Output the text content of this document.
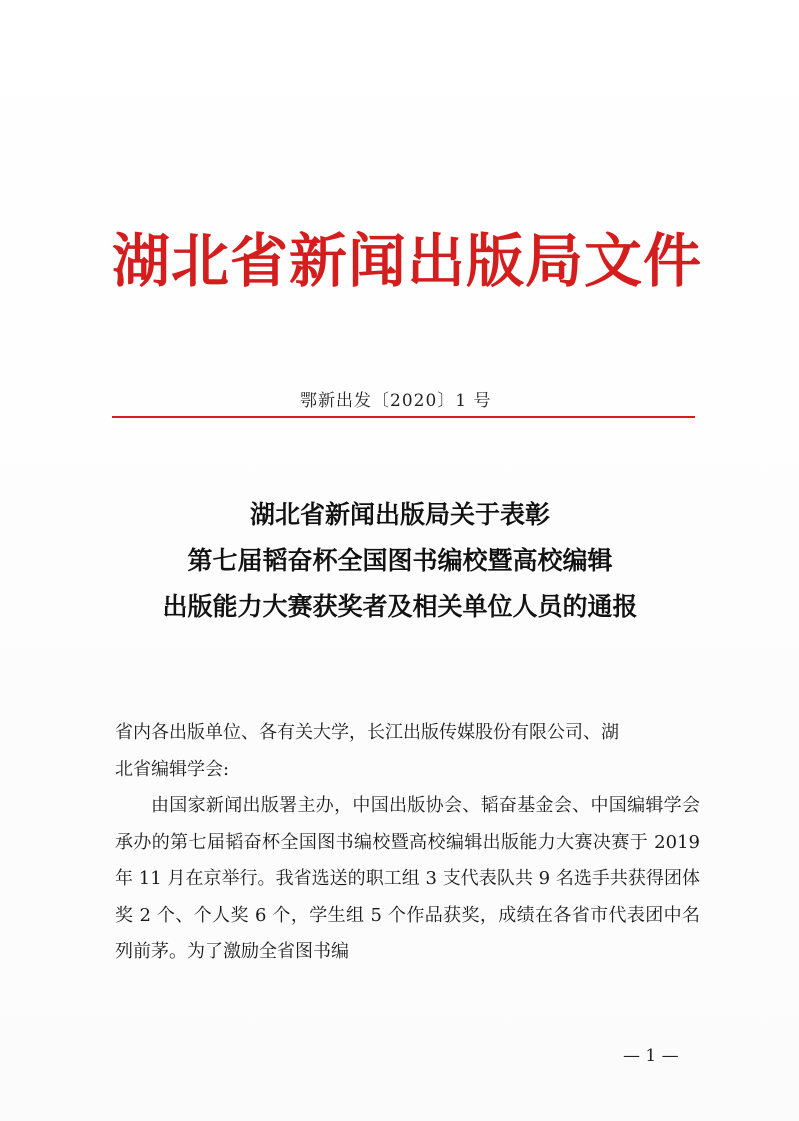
湖北省新闻出版局文件
鄂新出发〔2020〕1 号
湖北省新闻出版局关于表彰
第七届韬奋杯全国图书编校暨高校编辑
出版能力大赛获奖者及相关单位人员的通报

省内各出版单位、各有关大学，长江出版传媒股份有限公司、湖
北省编辑学会:

由国家新闻出版署主办，中国出版协会、韬奋基金会、中国编辑学会承办的第七届韬奋杯全国图书编校暨高校编辑出版能力大赛决赛于 2019 年 11 月在京举行。我省选送的职工组 3 支代表队共 9 名选手共获得团体奖 2 个、个人奖 6 个，学生组 5 个作品获奖，成绩在各省市代表团中名列前茅。为了激励全省图书编

— 1 —
